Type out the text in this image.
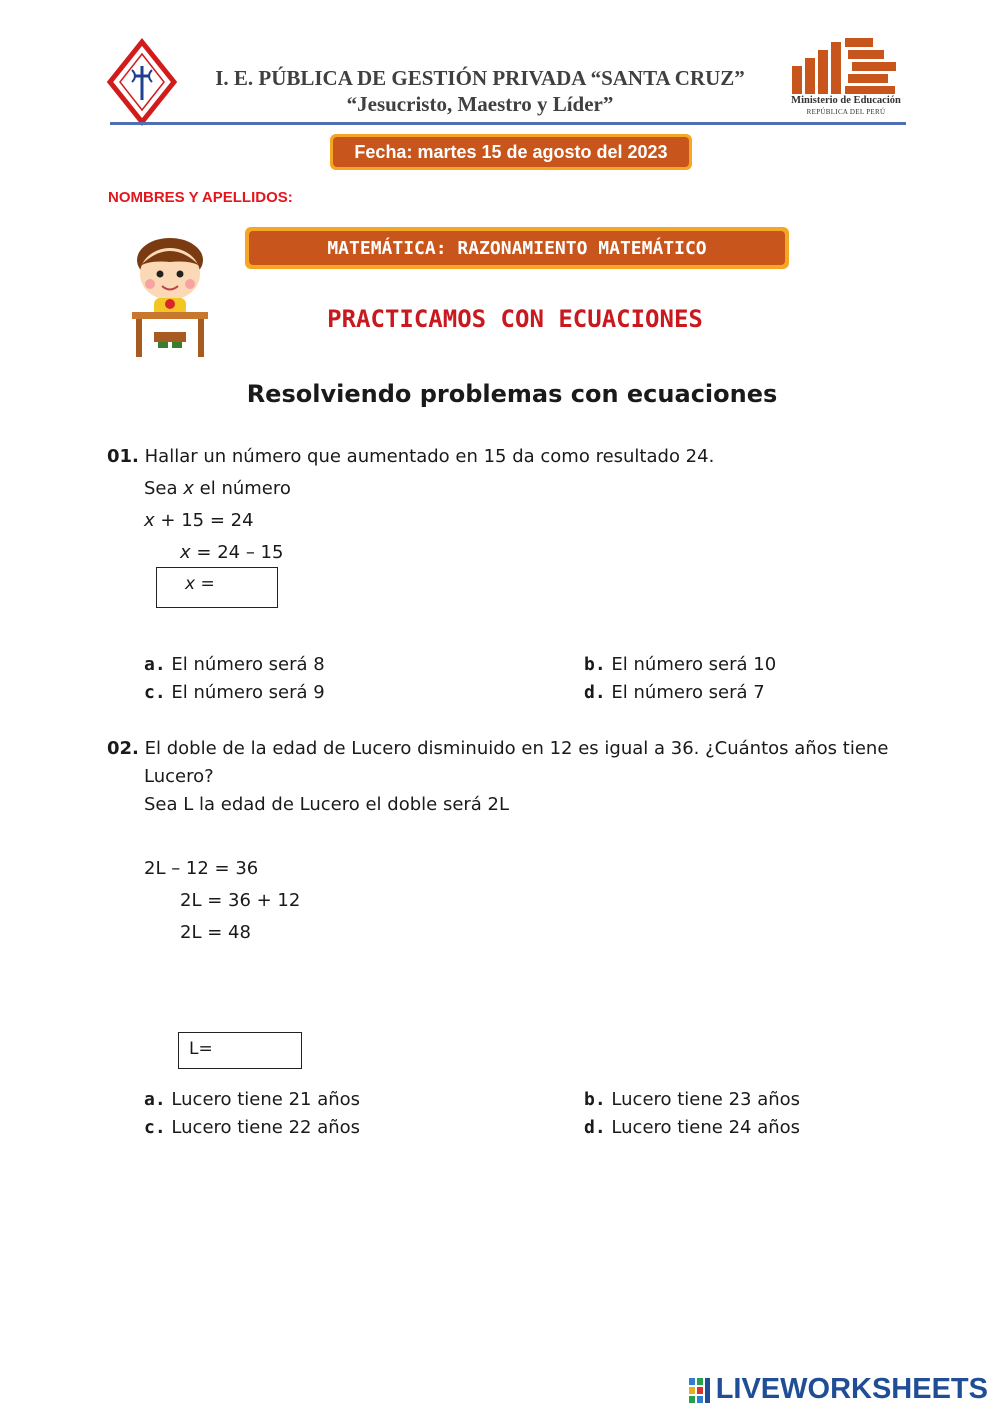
I. E. PÚBLICA DE GESTIÓN PRIVADA “SANTA CRUZ”
“Jesucristo, Maestro y Líder”	Ministerio de Educación
REPÚBLICA DEL PERÚ
Fecha: martes 15 de agosto del 2023
NOMBRES Y APELLIDOS:
MATEMÁTICA: RAZONAMIENTO MATEMÁTICO
PRACTICAMOS CON ECUACIONES
Resolviendo problemas con ecuaciones
01. Hallar un número que aumentado en 15 da como resultado 24.
Sea x el número
x + 15 = 24
x = 24 – 15
x =
a. El número será 8	b. El número será 10
c. El número será 9	d. El número será 7
02. El doble de la edad de Lucero disminuido en 12 es igual a 36. ¿Cuántos años tiene
Lucero?
Sea L la edad de Lucero el doble será 2L
2L – 12 = 36
2L = 36 + 12
2L = 48
L=
a. Lucero tiene 21 años	b. Lucero tiene 23 años
c. Lucero tiene 22 años	d. Lucero tiene 24 años
LIVEWORKSHEETS
